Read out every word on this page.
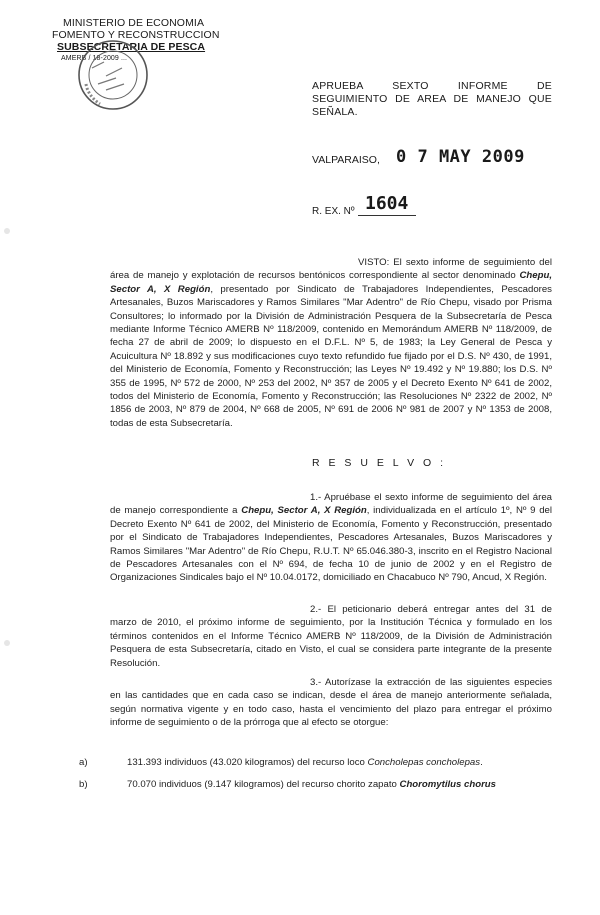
MINISTERIO DE ECONOMIA
FOMENTO Y RECONSTRUCCION
SUBSECRETARIA DE PESCA
AMERB / 18-2009 ...
APRUEBA SEXTO INFORME DE SEGUIMIENTO DE AREA DE MANEJO QUE SEÑALA.
VALPARAISO, 0 7 MAY 2009
R. EX. Nº 1604
VISTO: El sexto informe de seguimiento del área de manejo y explotación de recursos bentónicos correspondiente al sector denominado Chepu, Sector A, X Región, presentado por Sindicato de Trabajadores Independientes, Pescadores Artesanales, Buzos Mariscadores y Ramos Similares "Mar Adentro" de Río Chepu, visado por Prisma Consultores; lo informado por la División de Administración Pesquera de la Subsecretaría de Pesca mediante Informe Técnico AMERB Nº 118/2009, contenido en Memorándum AMERB Nº 118/2009, de fecha 27 de abril de 2009; lo dispuesto en el D.F.L. Nº 5, de 1983; la Ley General de Pesca y Acuicultura Nº 18.892 y sus modificaciones cuyo texto refundido fue fijado por el D.S. Nº 430, de 1991, del Ministerio de Economía, Fomento y Reconstrucción; las Leyes Nº 19.492 y Nº 19.880; los D.S. Nº 355 de 1995, Nº 572 de 2000, Nº 253 del 2002, Nº 357 de 2005 y el Decreto Exento Nº 641 de 2002, todos del Ministerio de Economía, Fomento y Reconstrucción; las Resoluciones Nº 2322 de 2002, Nº 1856 de 2003, Nº 879 de 2004, Nº 668 de 2005, Nº 691 de 2006 Nº 981 de 2007 y Nº 1353 de 2008, todas de esta Subsecretaría.
R E S U E L V O :
1.- Apruébase el sexto informe de seguimiento del área de manejo correspondiente a Chepu, Sector A, X Región, individualizada en el artículo 1º, Nº 9 del Decreto Exento Nº 641 de 2002, del Ministerio de Economía, Fomento y Reconstrucción, presentado por el Sindicato de Trabajadores Independientes, Pescadores Artesanales, Buzos Mariscadores y Ramos Similares "Mar Adentro" de Río Chepu, R.U.T. Nº 65.046.380-3, inscrito en el Registro Nacional de Pescadores Artesanales con el Nº 694, de fecha 10 de junio de 2002 y en el Registro de Organizaciones Sindicales bajo el Nº 10.04.0172, domiciliado en Chacabuco Nº 790, Ancud, X Región.
2.- El peticionario deberá entregar antes del 31 de marzo de 2010, el próximo informe de seguimiento, por la Institución Técnica y formulado en los términos contenidos en el Informe Técnico AMERB Nº 118/2009, de la División de Administración Pesquera de esta Subsecretaría, citado en Visto, el cual se considera parte integrante de la presente Resolución.
3.- Autorízase la extracción de las siguientes especies en las cantidades que en cada caso se indican, desde el área de manejo anteriormente señalada, según normativa vigente y en todo caso, hasta el vencimiento del plazo para entregar el próximo informe de seguimiento o de la prórroga que al efecto se otorgue:
a)	131.393 individuos (43.020 kilogramos) del recurso loco Concholepas concholepas.
b)	70.070 individuos (9.147 kilogramos) del recurso chorito zapato Choromytilus chorus
